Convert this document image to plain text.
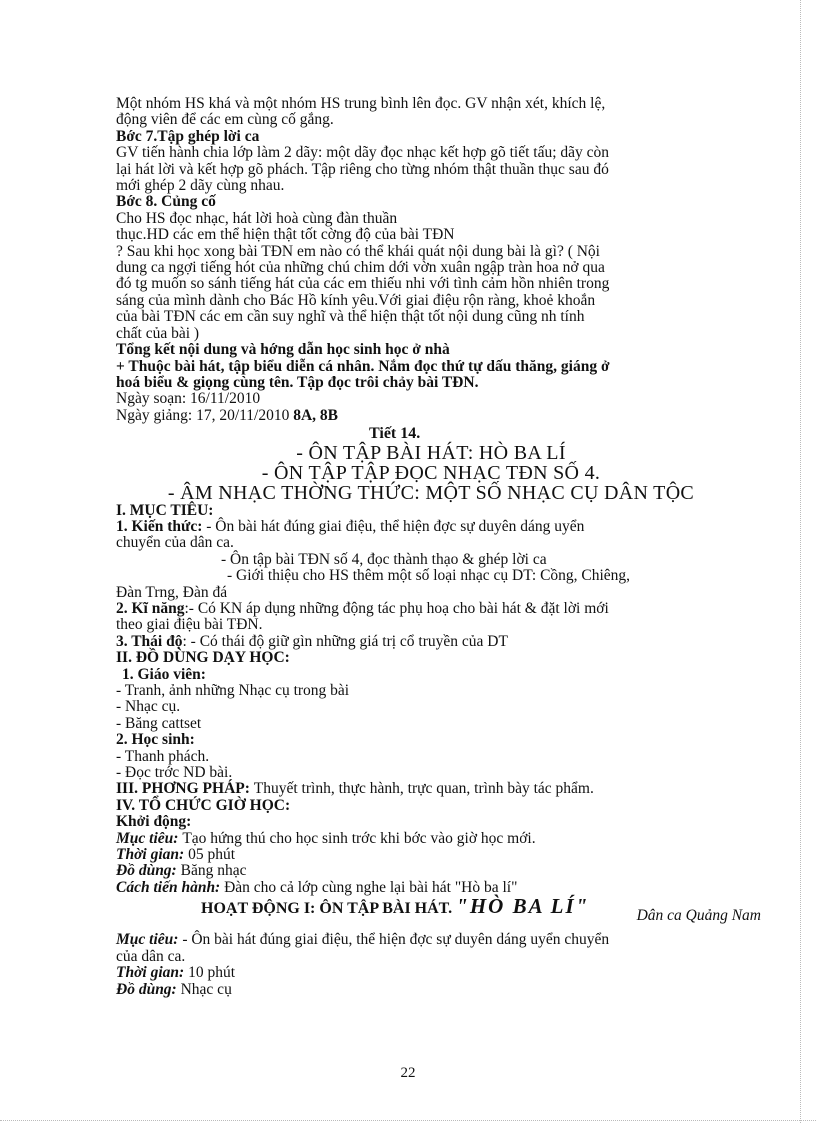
Một nhóm HS khá và một nhóm HS trung bình lên đọc. GV nhận xét, khích lệ,
động viên để các em cùng cố gắng.
Bớc 7.Tập ghép lời ca
GV tiến hành chia lớp làm 2 dãy: một dãy đọc nhạc kết hợp gõ tiết tấu; dãy còn
lại hát lời và kết hợp gõ phách. Tập riêng cho từng nhóm thật thuần thục sau đó
mới ghép 2 dãy cùng nhau.
Bớc 8. Củng cố
Cho HS đọc nhạc, hát lời hoà cùng đàn thuần
thục.HD các em thể hiện thật tốt cờng độ của bài TĐN
? Sau khi học xong bài TĐN em nào có thể khái quát nội dung bài là gì? ( Nội
dung ca ngợi tiếng hót của những chú chim dới vờn xuân ngập tràn hoa nở qua
đó tg muốn so sánh tiếng hát của các em thiếu nhi với tình cảm hồn nhiên trong
sáng của mình dành cho Bác Hồ kính yêu.Với giai điệu rộn ràng, khoẻ khoắn
của bài TĐN các em cần suy nghĩ và thể hiện thật tốt nội dung cũng nh tính
chất của bài )
Tổng kết nội dung và hớng dẫn học sinh học ở nhà
+ Thuộc bài hát, tập biểu diễn cá nhân. Nắm đọc thứ tự dấu thăng, giáng ở
hoá biểu & giọng cùng tên. Tập đọc trôi chảy bài TĐN.
Ngày soạn: 16/11/2010
Ngày giảng: 17, 20/11/2010 8A, 8B
Tiết 14.
- ÔN TẬP BÀI HÁT: HÒ BA LÍ
- ÔN TẬP TẬP ĐỌC NHẠC TĐN SỐ 4.
- ÂM NHẠC THỜNG THỨC: MỘT SỐ NHẠC CỤ DÂN TỘC
I. MỤC TIÊU:
1. Kiến thức: - Ôn bài hát đúng giai điệu, thể hiện đợc sự duyên dáng uyển
chuyển của dân ca.
- Ôn tập bài TĐN số 4, đọc thành thạo & ghép lời ca
- Giới thiệu cho HS thêm một số loại nhạc cụ DT: Cồng, Chiêng,
Đàn Trng, Đàn đá
2. Kĩ năng:- Có KN áp dụng những động tác phụ hoạ cho bài hát & đặt lời mới
theo giai điệu bài TĐN.
3. Thái độ: - Có thái độ giữ gìn những giá trị cổ truyền của DT
II. ĐỒ DÙNG DẠY HỌC:
1. Giáo viên:
- Tranh, ảnh những Nhạc cụ trong bài
- Nhạc cụ.
- Băng cattset
2. Học sinh:
- Thanh phách.
- Đọc trớc ND bài.
III. PHƠNG PHÁP: Thuyết trình, thực hành, trực quan, trình bày tác phẩm.
IV. TỔ CHỨC GIỜ HỌC:
Khởi động:
Mục tiêu: Tạo hứng thú cho học sinh trớc khi bớc vào giờ học mới.
Thời gian: 05 phút
Đồ dùng: Băng nhạc
Cách tiến hành: Đàn cho cả lớp cùng nghe lại bài hát "Hò ba lí"
HOẠT ĐỘNG I: ÔN TẬP BÀI HÁT. "HÒ BA LÍ"	Dân ca Quảng Nam
Mục tiêu: - Ôn bài hát đúng giai điệu, thể hiện đợc sự duyên dáng uyển chuyển
của dân ca.
Thời gian: 10 phút
Đồ dùng: Nhạc cụ
22
